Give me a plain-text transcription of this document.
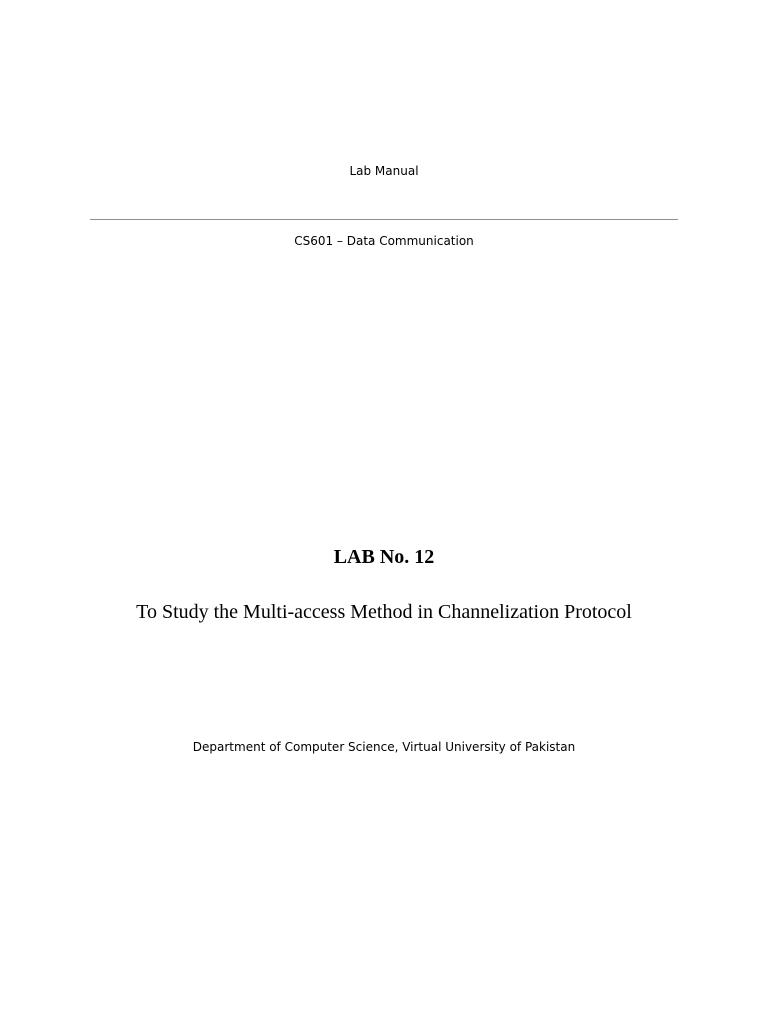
Lab Manual
CS601 – Data Communication
LAB No. 12
To Study the Multi-access Method in Channelization Protocol
Department of Computer Science, Virtual University of Pakistan
